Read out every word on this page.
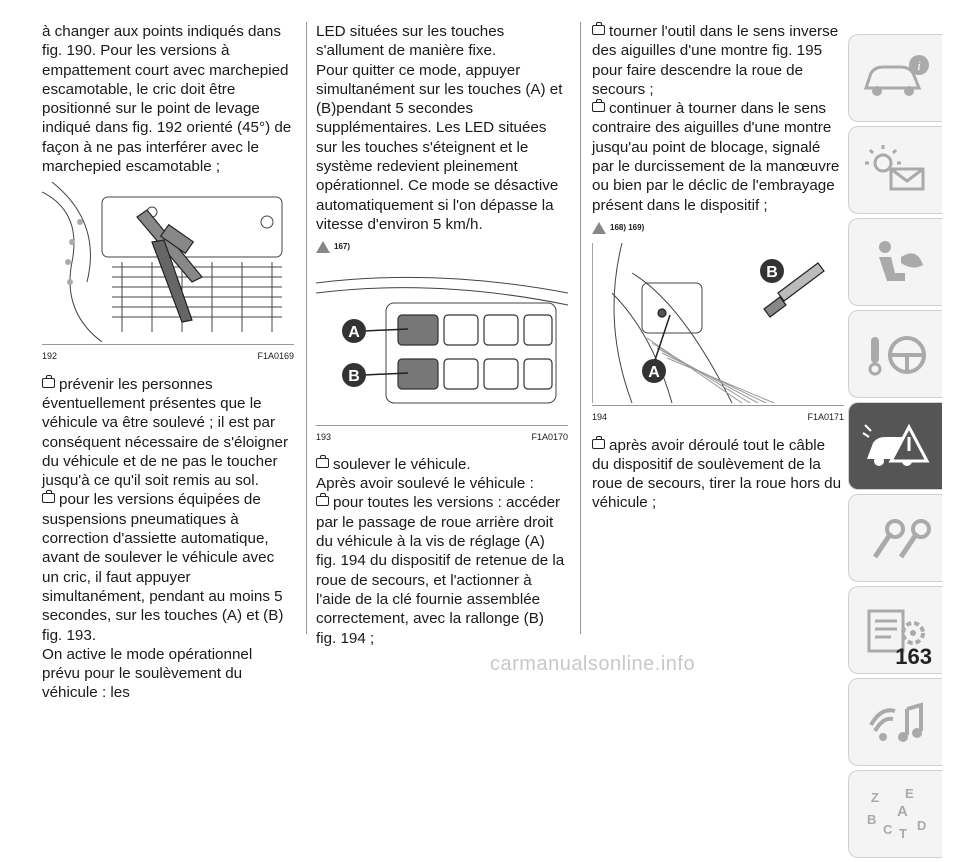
à changer aux points indiqués dans fig. 190. Pour les versions à empattement court avec marchepied escamotable, le cric doit être positionné sur le point de levage indiqué dans fig. 192 orienté (45°) de façon à ne pas interférer avec le marchepied escamotable ;

192	F1A0169

prévenir les personnes éventuellement présentes que le véhicule va être soulevé ; il est par conséquent nécessaire de s'éloigner du véhicule et de ne pas le toucher jusqu'à ce qu'il soit remis au sol.

pour les versions équipées de suspensions pneumatiques à correction d'assiette automatique, avant de soulever le véhicule avec un cric, il faut appuyer simultanément, pendant au moins 5 secondes, sur les touches (A) et (B) fig. 193.

On active le mode opérationnel prévu pour le soulèvement du véhicule : les

LED situées sur les touches s'allument de manière fixe.

Pour quitter ce mode, appuyer simultanément sur les touches (A) et (B)pendant 5 secondes supplémentaires. Les LED situées sur les touches s'éteignent et le système redevient pleinement opérationnel. Ce mode se désactive automatiquement si l'on dépasse la vitesse d'environ 5 km/h.

167)
A
B
193	F1A0170

soulever le véhicule.

Après avoir soulevé le véhicule :

pour toutes les versions : accéder par le passage de roue arrière droit du véhicule à la vis de réglage (A) fig. 194 du dispositif de retenue de la roue de secours, et l'actionner à l'aide de la clé fournie assemblée correctement, avec la rallonge (B) fig. 194 ;

tourner l'outil dans le sens inverse des aiguilles d'une montre fig. 195 pour faire descendre la roue de secours ;

continuer à tourner dans le sens contraire des aiguilles d'une montre jusqu'au point de blocage, signalé par le durcissement de la manœuvre ou bien par le déclic de l'embrayage présent dans le dispositif ;

168) 169)
A
B
194	F1A0171

après avoir déroulé tout le câble du dispositif de soulèvement de la roue de secours, tirer la roue hors du véhicule ;

i
Z E
A
B
C T
D
carmanualsonline.info	163
